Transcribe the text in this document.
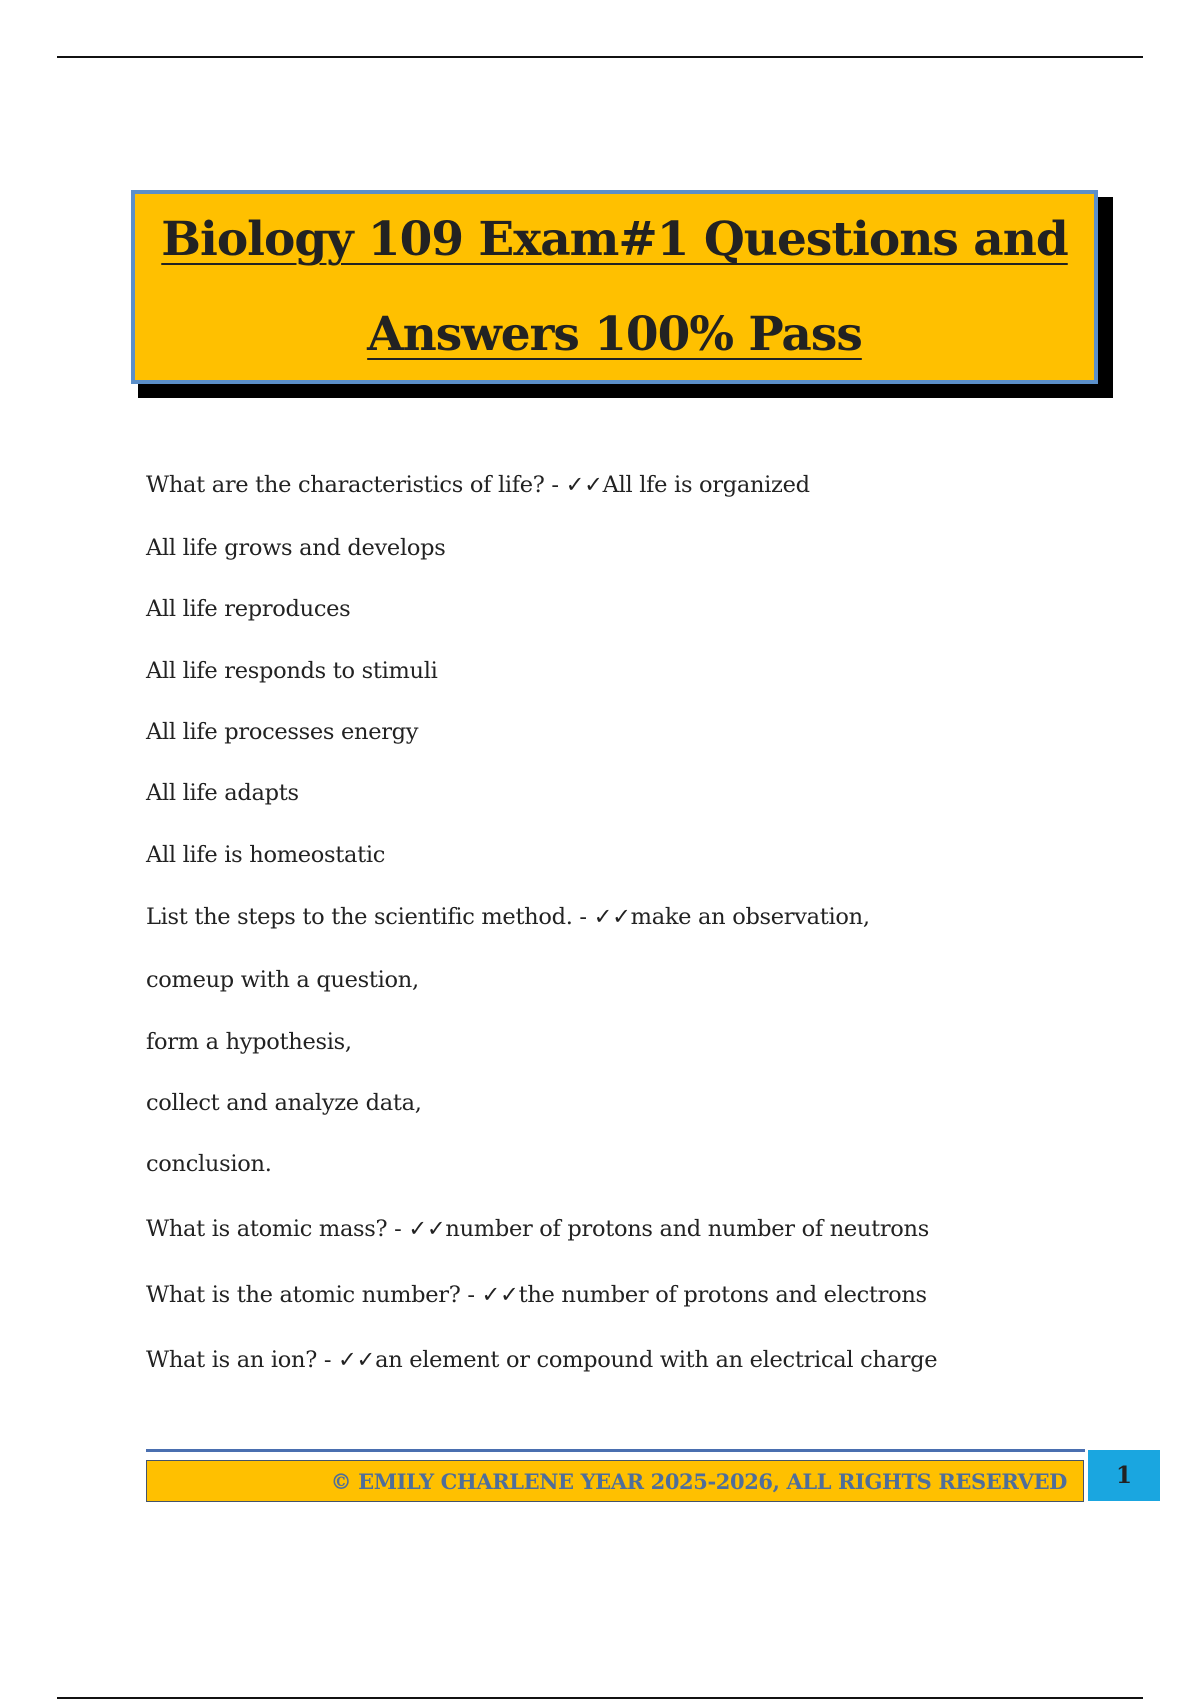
Biology 109 Exam#1 Questions and
Answers 100% Pass
What are the characteristics of life? - ✓✓All lfe is organized
All life grows and develops
All life reproduces
All life responds to stimuli
All life processes energy
All life adapts
All life is homeostatic
List the steps to the scientific method. - ✓✓make an observation,
comeup with a question,
form a hypothesis,
collect and analyze data,
conclusion.
What is atomic mass? - ✓✓number of protons and number of neutrons
What is the atomic number? - ✓✓the number of protons and electrons
What is an ion? - ✓✓an element or compound with an electrical charge
© EMILY CHARLENE YEAR 2025-2026, ALL RIGHTS RESERVED 1
